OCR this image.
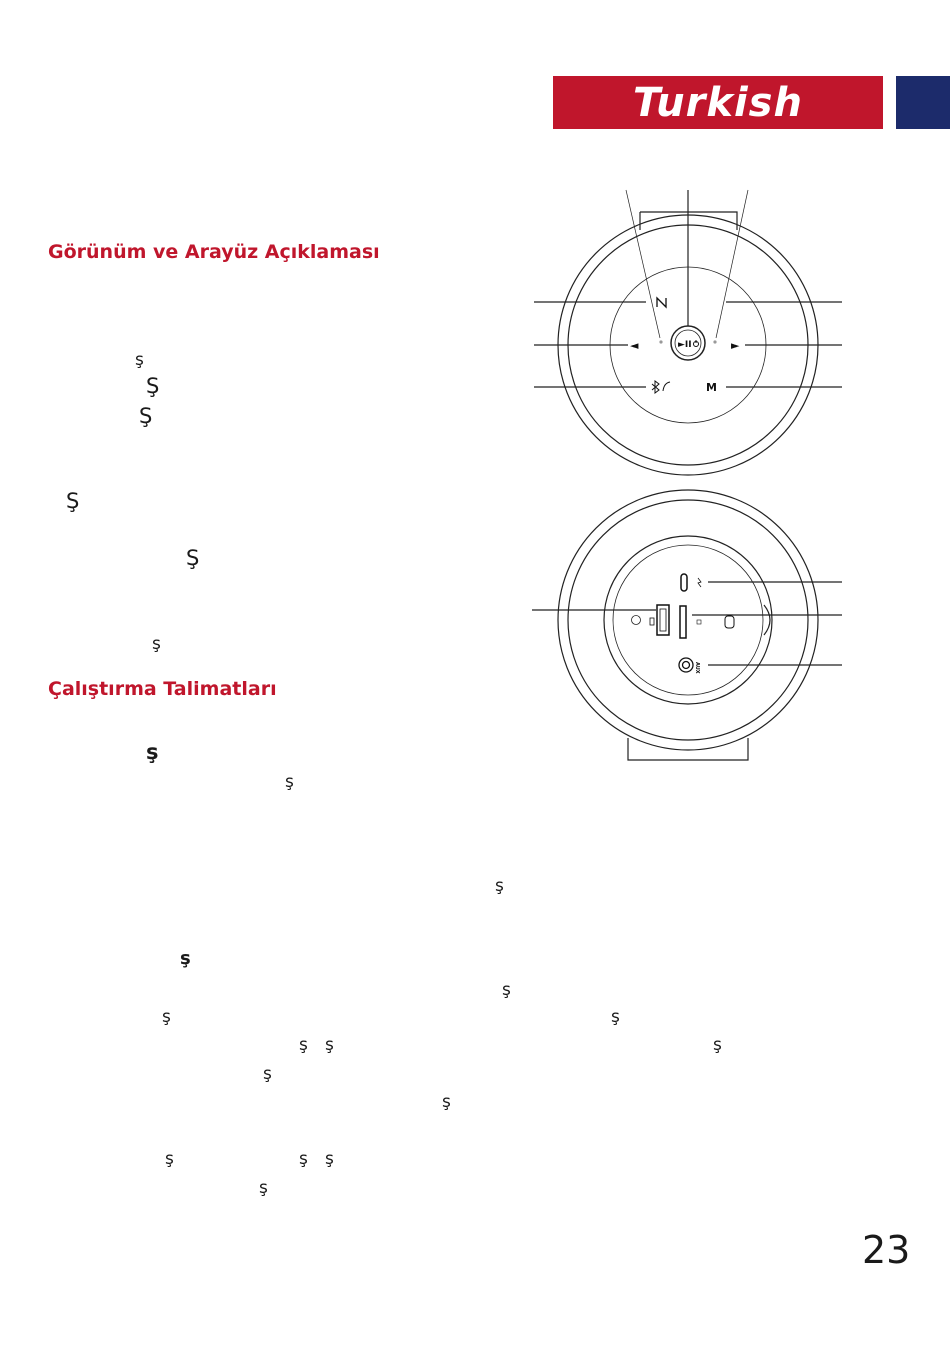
Turkish
Görünüm ve Arayüz Açıklaması
Çalıştırma Talimatları
ş
Ş
Ş
Ş
Ş
ş
ş
ş
ş
ş
ş
ş	ş
ş ş	ş
ş
ş
ş	ş ş
ş
►II
◄	►
M
AUX
23
